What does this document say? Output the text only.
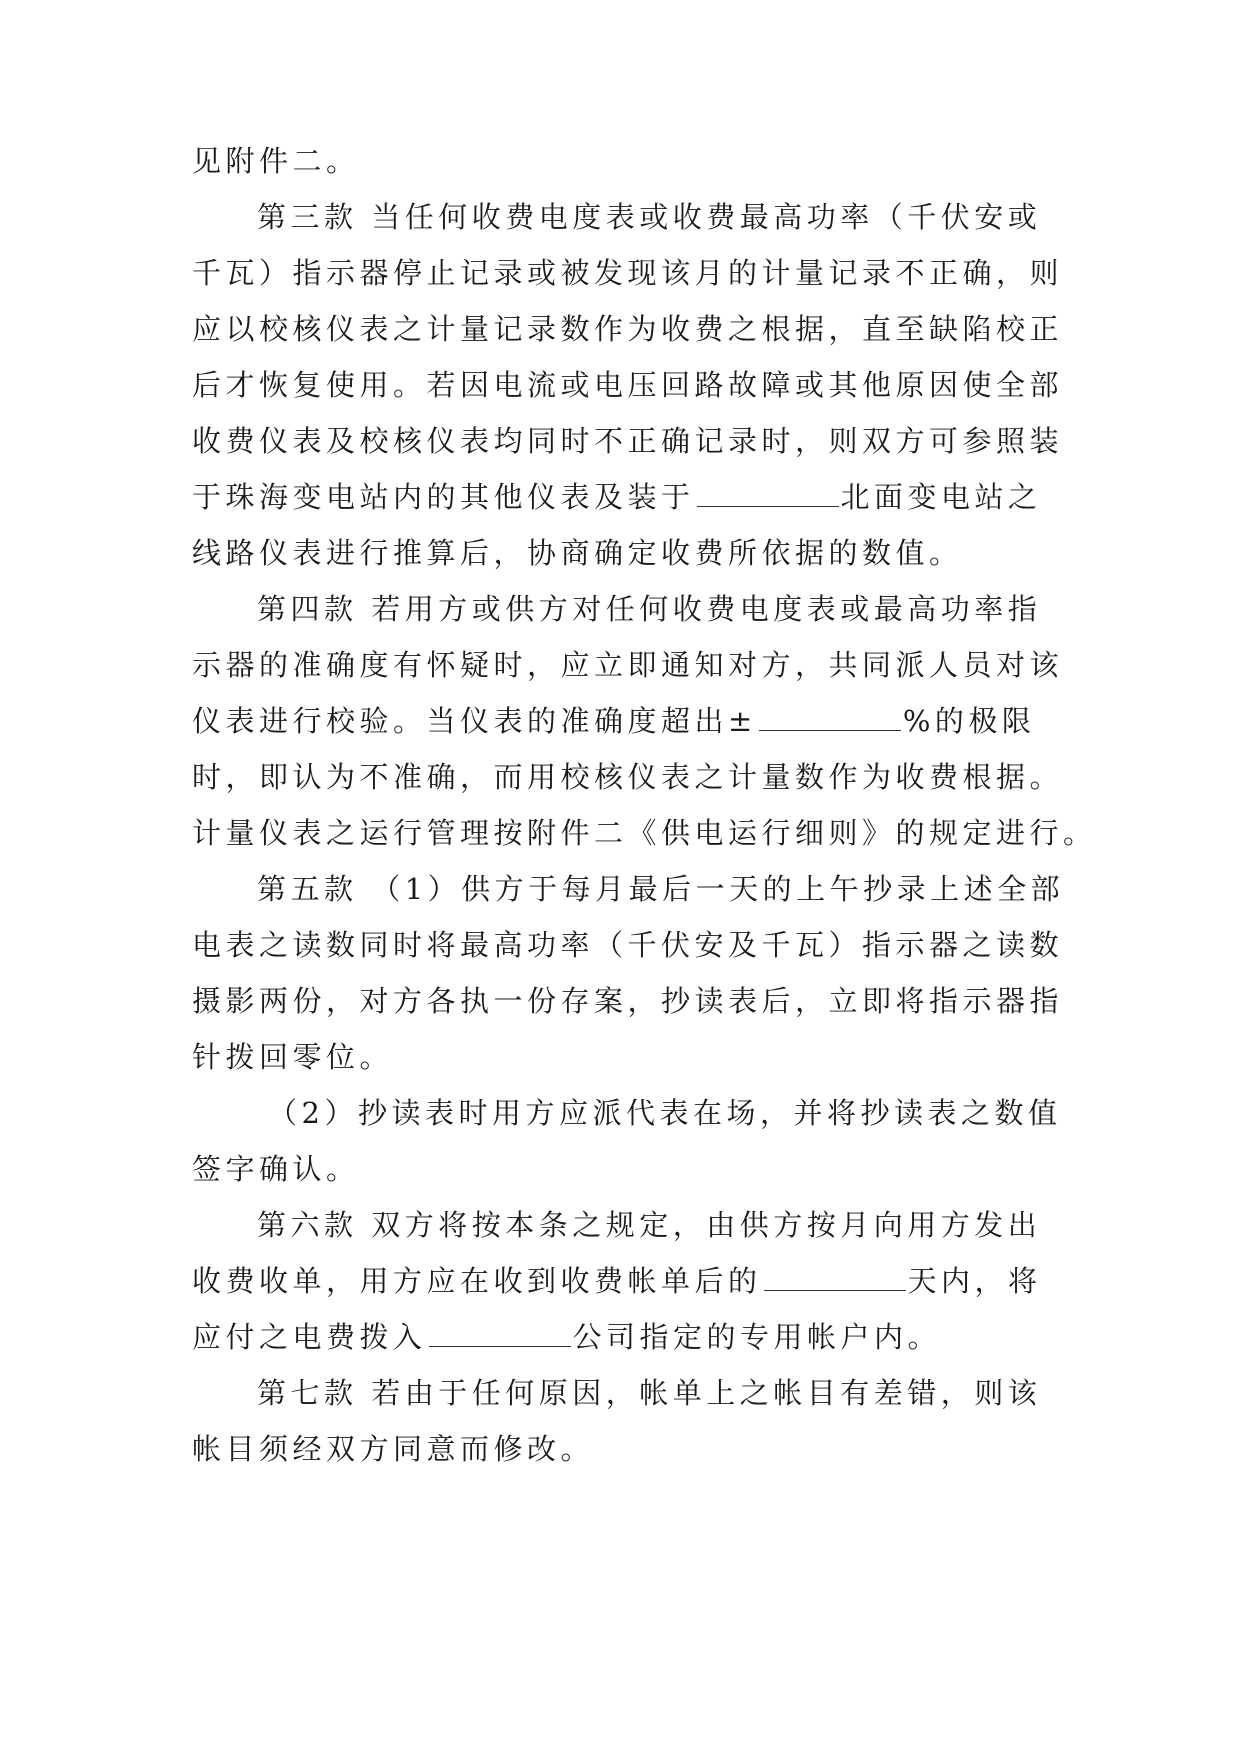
见附件二。
第三款 当任何收费电度表或收费最高功率（千伏安或
千瓦）指示器停止记录或被发现该月的计量记录不正确，则
应以校核仪表之计量记录数作为收费之根据，直至缺陷校正
后才恢复使用。若因电流或电压回路故障或其他原因使全部
收费仪表及校核仪表均同时不正确记录时，则双方可参照装
于珠海变电站内的其他仪表及装于	北面变电站之
线路仪表进行推算后，协商确定收费所依据的数值。
第四款 若用方或供方对任何收费电度表或最高功率指
示器的准确度有怀疑时，应立即通知对方，共同派人员对该
仪表进行校验。当仪表的准确度超出±	%的极限
时，即认为不准确，而用校核仪表之计量数作为收费根据。
计量仪表之运行管理按附件二《供电运行细则》的规定进行。
第五款 （1）供方于每月最后一天的上午抄录上述全部
电表之读数同时将最高功率（千伏安及千瓦）指示器之读数
摄影两份，对方各执一份存案，抄读表后，立即将指示器指
针拨回零位。
（2）抄读表时用方应派代表在场，并将抄读表之数值
签字确认。
第六款 双方将按本条之规定，由供方按月向用方发出
收费收单，用方应在收到收费帐单后的	天内，将
应付之电费拨入	公司指定的专用帐户内。
第七款 若由于任何原因，帐单上之帐目有差错，则该
帐目须经双方同意而修改。
